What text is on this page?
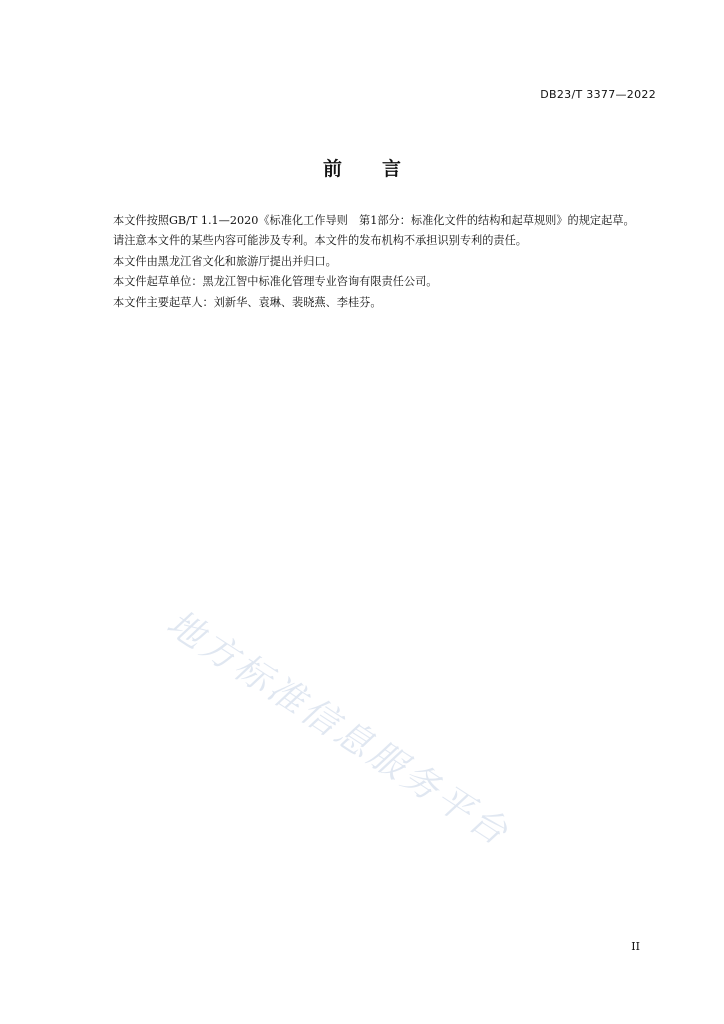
DB23/T 3377—2022
前 言

本文件按照GB/T 1.1—2020《标准化工作导则　第1部分：标准化文件的结构和起草规则》的规定起草。

请注意本文件的某些内容可能涉及专利。本文件的发布机构不承担识别专利的责任。

本文件由黑龙江省文化和旅游厅提出并归口。

本文件起草单位：黑龙江智中标准化管理专业咨询有限责任公司。

本文件主要起草人：刘新华、袁琳、裴晓燕、李桂芬。

地方标准信息服务平台
II
